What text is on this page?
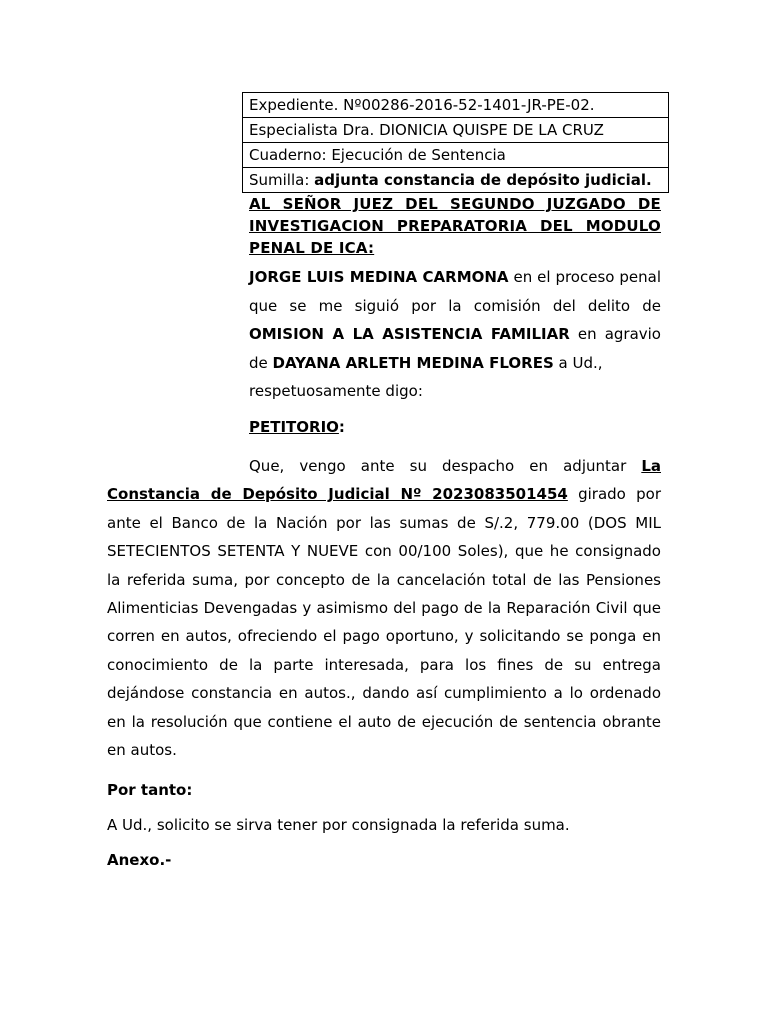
Expediente. Nº00286-2016-52-1401-JR-PE-02.
Especialista Dra. DIONICIA QUISPE DE LA CRUZ
Cuaderno: Ejecución de Sentencia
Sumilla: adjunta constancia de depósito judicial.
AL SEÑOR JUEZ DEL SEGUNDO JUZGADO DE INVESTIGACION PREPARATORIA DEL MODULO PENAL DE ICA:
JORGE LUIS MEDINA CARMONA en el proceso penal que se me siguió por la comisión del delito de OMISION A LA ASISTENCIA FAMILIAR en agravio de DAYANA ARLETH MEDINA FLORES a Ud.,
respetuosamente digo:
PETITORIO:
Que, vengo ante su despacho en adjuntar La Constancia de Depósito Judicial Nº 2023083501454 girado por ante el Banco de la Nación por las sumas de S/.2, 779.00 (DOS MIL SETECIENTOS SETENTA Y NUEVE con 00/100 Soles), que he consignado la referida suma, por concepto de la cancelación total de las Pensiones Alimenticias Devengadas y asimismo del pago de la Reparación Civil que corren en autos, ofreciendo el pago oportuno, y solicitando se ponga en conocimiento de la parte interesada, para los fines de su entrega dejándose constancia en autos., dando así cumplimiento a lo ordenado en la resolución que contiene el auto de ejecución de sentencia obrante en autos.
Por tanto:
A Ud., solicito se sirva tener por consignada la referida suma.
Anexo.-
